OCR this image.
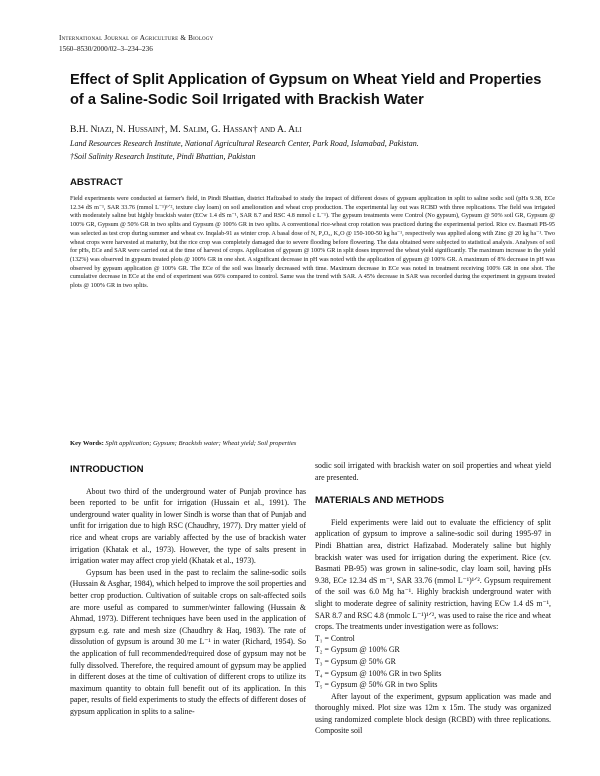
International Journal of Agriculture & Biology
1560–8530/2000/02–3–234–236
Effect of Split Application of Gypsum on Wheat Yield and Properties of a Saline-Sodic Soil Irrigated with Brackish Water
B.H. Niazi, N. Hussain†, M. Salim, G. Hassan† and A. Ali
Land Resources Research Institute, National Agricultural Research Center, Park Road, Islamabad, Pakistan.
†Soil Salinity Research Institute, Pindi Bhattian, Pakistan
ABSTRACT
Field experiments were conducted at farmer's field, in Pindi Bhattian, district Hafizabad to study the impact of different doses of gypsum application in split to saline sodic soil (pHs 9.38, ECe 12.34 dS m⁻¹, SAR 33.76 (mmol L⁻¹)¹ᐟ², texture clay loam) on soil amelioration and wheat crop production. The experimental lay out was RCBD with three replications. The field was irrigated with moderately saline but highly brackish water (ECw 1.4 dS m⁻¹, SAR 8.7 and RSC 4.8 mmol c L⁻¹). The gypsum treatments were Control (No gypsum), Gypsum @ 50% soil GR, Gypsum @ 100% GR, Gypsum @ 50% GR in two splits and Gypsum @ 100% GR in two splits. A conventional rice-wheat crop rotation was practiced during the experimental period. Rice cv. Basmati PB-95 was selected as test crop during summer and wheat cv. Inqalab-91 as winter crop. A basal dose of N, P₂O₅, K₂O @ 150-100-50 kg ha⁻¹, respectively was applied along with Zinc @ 20 kg ha⁻¹. Two wheat crops were harvested at maturity, but the rice crop was completely damaged due to severe flooding before flowering. The data obtained were subjected to statistical analysis. Analyses of soil for pHs, ECe and SAR were carried out at the time of harvest of crops. Application of gypsum @ 100% GR in split doses improved the wheat yield significantly. The maximum increase in the yield (132%) was observed in gypsum treated plots @ 100% GR in one shot. A significant decrease in pH was noted with the application of gypsum @ 100% GR. A maximum of 8% decrease in pH was observed by gypsum application @ 100% GR. The ECe of the soil was linearly decreased with time. Maximum decrease in ECe was noted in treatment receiving 100% GR in one shot. The cumulative decrease in ECe at the end of experiment was 66% compared to control. Same was the trend with SAR. A 45% decrease in SAR was recorded during the experiment in gypsum treated plots @ 100% GR in two splits.
Key Words: Split application; Gypsum; Brackish water; Wheat yield; Soil properties
INTRODUCTION

About two third of the underground water of Punjab province has been reported to be unfit for irrigation (Hussain et al., 1991). The underground water quality in lower Sindh is worse than that of Punjab and unfit for irrigation due to high RSC (Chaudhry, 1977). Dry matter yield of rice and wheat crops are variably affected by the use of brackish water irrigation (Khatak et al., 1973). However, the type of salts present in irrigation water may affect crop yield (Khatak et al., 1973).

Gypsum has been used in the past to reclaim the saline-sodic soils (Hussain & Asghar, 1984), which helped to improve the soil properties and better crop production. Cultivation of suitable crops on salt-affected soils are more useful as compared to summer/winter fallowing (Hussain & Ahmad, 1973). Different techniques have been used in the application of gypsum e.g. rate and mesh size (Chaudhry & Haq, 1983). The rate of dissolution of gypsum is around 30 me L⁻¹ in water (Richard, 1954). So the application of full recommended/required dose of gypsum may not be fully dissolved. Therefore, the required amount of gypsum may be applied in different doses at the time of cultivation of different crops to utilize its maximum quantity to obtain full benefit out of its application. In this paper, results of field experiments to study the effects of different doses of gypsum application in splits to a saline-

sodic soil irrigated with brackish water on soil properties and wheat yield are presented.

MATERIALS AND METHODS

Field experiments were laid out to evaluate the efficiency of split application of gypsum to improve a saline-sodic soil during 1995-97 in Pindi Bhattian area, district Hafizabad. Moderately saline but highly brackish water was used for irrigation during the experiment. Rice (cv. Basmati PB-95) was grown in saline-sodic, clay loam soil, having pHs 9.38, ECe 12.34 dS m⁻¹, SAR 33.76 (mmol L⁻¹)¹ᐟ². Gypsum requirement of the soil was 6.0 Mg ha⁻¹. Highly brackish underground water with slight to moderate degree of salinity restriction, having ECw 1.4 dS m⁻¹, SAR 8.7 and RSC 4.8 (mmolc L⁻¹)¹ᐟ², was used to raise the rice and wheat crops. The treatments under investigation were as follows:

T₁ = Control
T₂ = Gypsum @ 100% GR
T₃ = Gypsum @ 50% GR
T₄ = Gypsum @ 100% GR in two Splits
T₅ = Gypsum @ 50% GR in two Splits

After layout of the experiment, gypsum application was made and thoroughly mixed. Plot size was 12m x 15m. The study was organized using randomized complete block design (RCBD) with three replications. Composite soil
